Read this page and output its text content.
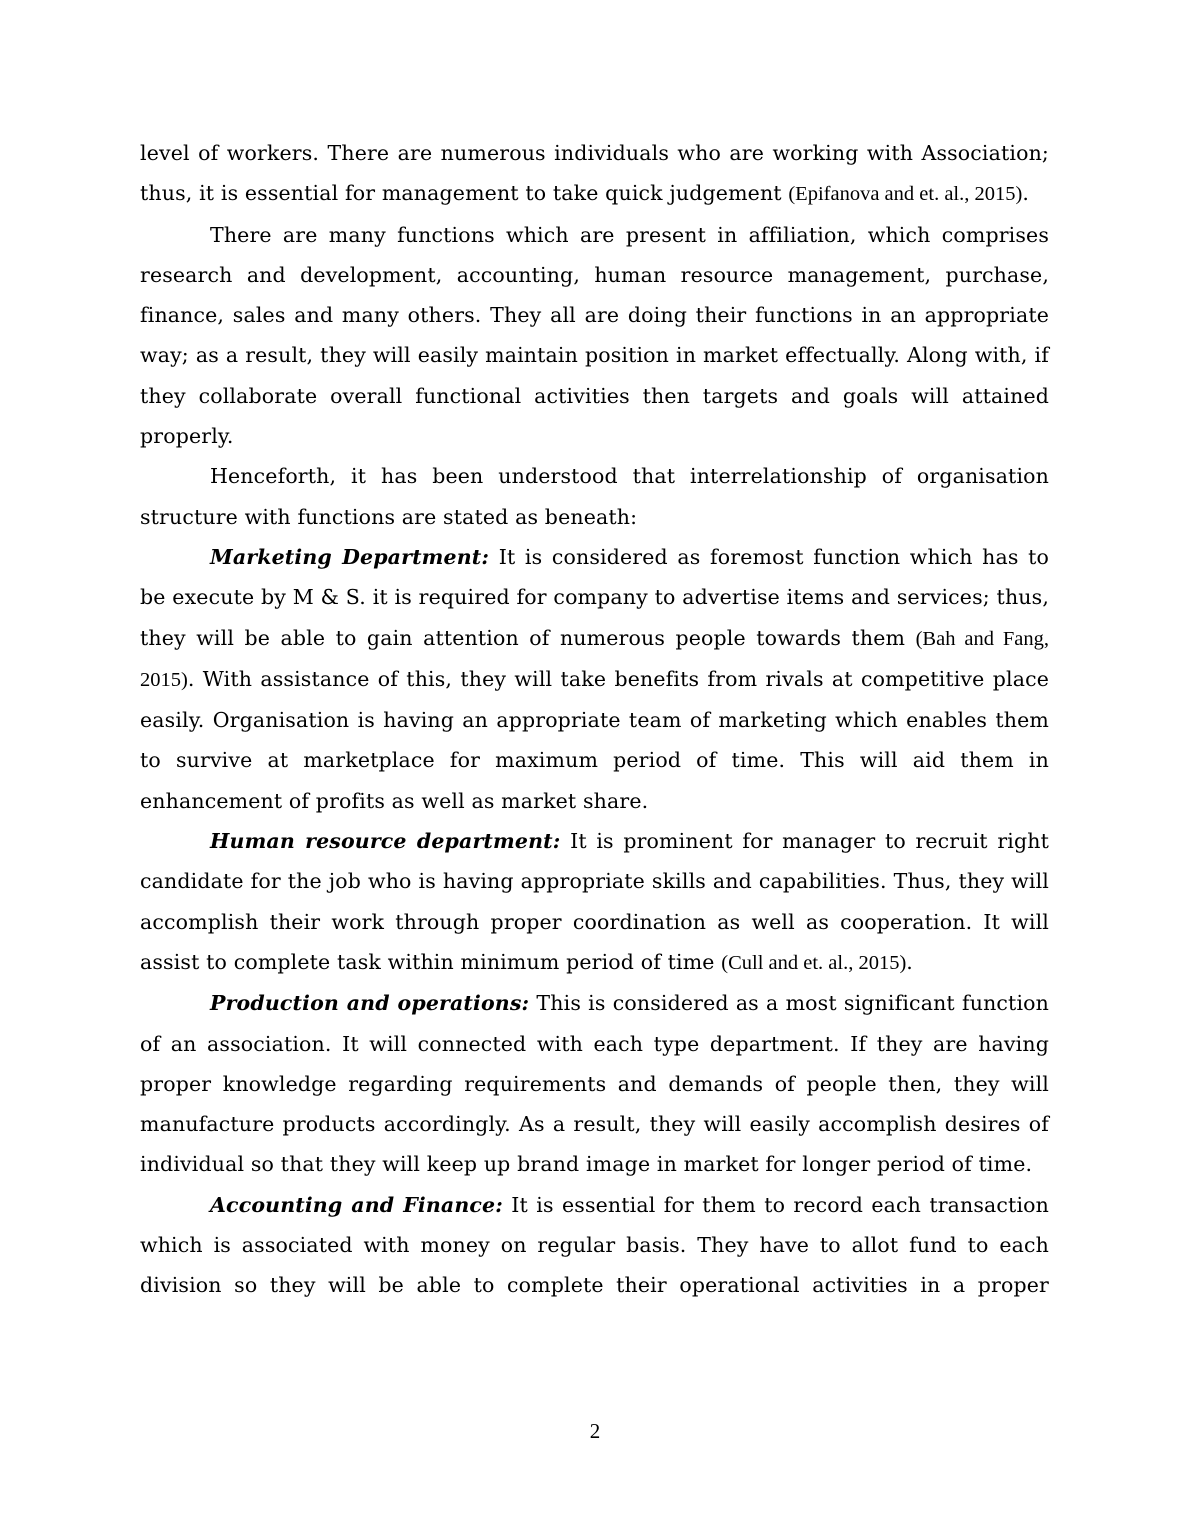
level of workers. There are numerous individuals who are working with Association; thus, it is essential for management to take quick judgement (Epifanova and et. al., 2015).

There are many functions which are present in affiliation, which comprises research and development, accounting, human resource management, purchase, finance, sales and many others. They all are doing their functions in an appropriate way; as a result, they will easily maintain position in market effectually. Along with, if they collaborate overall functional activities then targets and goals will attained properly.

Henceforth, it has been understood that interrelationship of organisation structure with functions are stated as beneath:

Marketing Department: It is considered as foremost function which has to be execute by M & S. it is required for company to advertise items and services; thus, they will be able to gain attention of numerous people towards them (Bah and Fang, 2015). With assistance of this, they will take benefits from rivals at competitive place easily. Organisation is having an appropriate team of marketing which enables them to survive at marketplace for maximum period of time. This will aid them in enhancement of profits as well as market share.

Human resource department: It is prominent for manager to recruit right candidate for the job who is having appropriate skills and capabilities. Thus, they will accomplish their work through proper coordination as well as cooperation. It will assist to complete task within minimum period of time (Cull and et. al., 2015).

Production and operations: This is considered as a most significant function of an association. It will connected with each type department. If they are having proper knowledge regarding requirements and demands of people then, they will manufacture products accordingly. As a result, they will easily accomplish desires of individual so that they will keep up brand image in market for longer period of time.

Accounting and Finance: It is essential for them to record each transaction which is associated with money on regular basis. They have to allot fund to each division so they will be able to complete their operational activities in a proper

2
